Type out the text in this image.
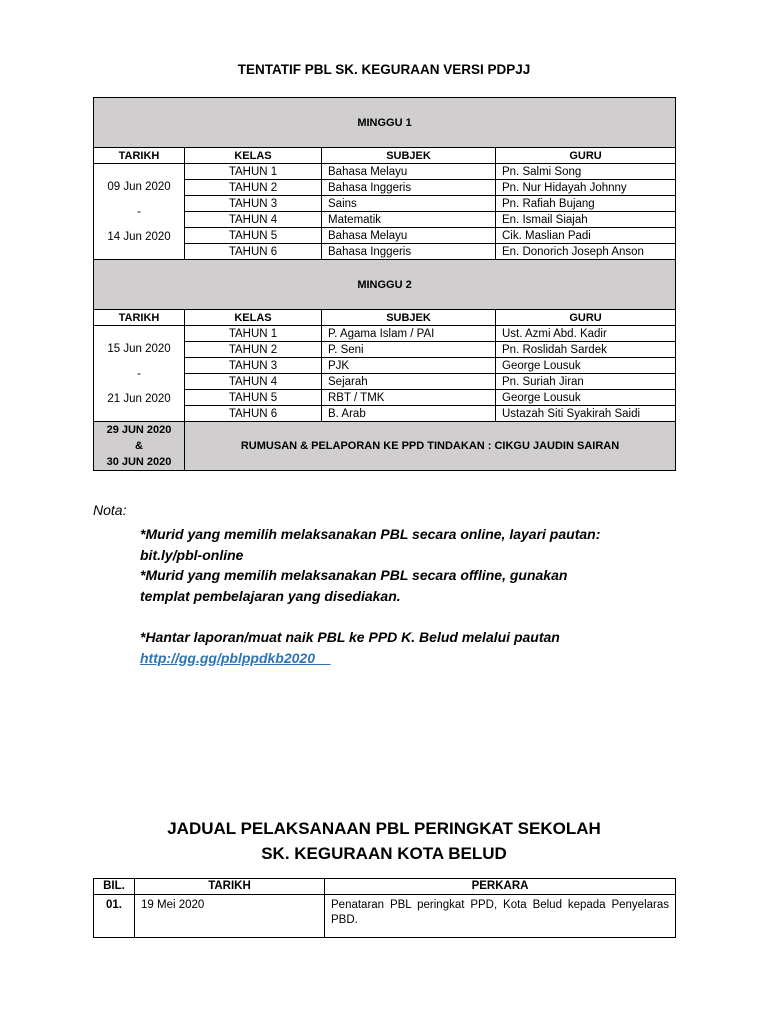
TENTATIF PBL SK. KEGURAAN VERSI PDPJJ
MINGGU 1			
TARIKH	KELAS	SUBJEK	GURU

09 Jun 2020
-
14 Jun 2020	TAHUN 1	Bahasa Melayu	Pn. Salmi Song
	TAHUN 2	Bahasa Inggeris	Pn. Nur Hidayah Johnny
	TAHUN 3	Sains	Pn. Rafiah Bujang
	TAHUN 4	Matematik	En. Ismail Siajah
	TAHUN 5	Bahasa Melayu	Cik. Maslian Padi
	TAHUN 6	Bahasa Inggeris	En. Donorich Joseph Anson
MINGGU 2			
TARIKH	KELAS	SUBJEK	GURU

15 Jun 2020
-
21 Jun 2020	TAHUN 1	P. Agama Islam / PAI	Ust. Azmi Abd. Kadir
	TAHUN 2	P. Seni	Pn. Roslidah Sardek
	TAHUN 3	PJK	George Lousuk
	TAHUN 4	Sejarah	Pn. Suriah Jiran
	TAHUN 5	RBT / TMK	George Lousuk
	TAHUN 6	B. Arab	Ustazah Siti Syakirah Saidi

29 JUN 2020
&
30 JUN 2020	RUMUSAN & PELAPORAN KE PPD TINDAKAN : CIKGU JAUDIN SAIRAN		
Nota:

*Murid yang memilih melaksanakan PBL secara online, layari pautan:

bit.ly/pbl-online

*Murid yang memilih melaksanakan PBL secara offline, gunakan

templat pembelajaran yang disediakan.

*Hantar laporan/muat naik PBL ke PPD K. Belud melalui pautan

http://gg.gg/pblppdkb2020

JADUAL PELAKSANAAN PBL PERINGKAT SEKOLAH
SK. KEGURAAN KOTA BELUD
BIL.	TARIKH	PERKARA
01.	19 Mei 2020	Penataran PBL peringkat PPD, Kota Belud kepada Penyelaras PBD.
